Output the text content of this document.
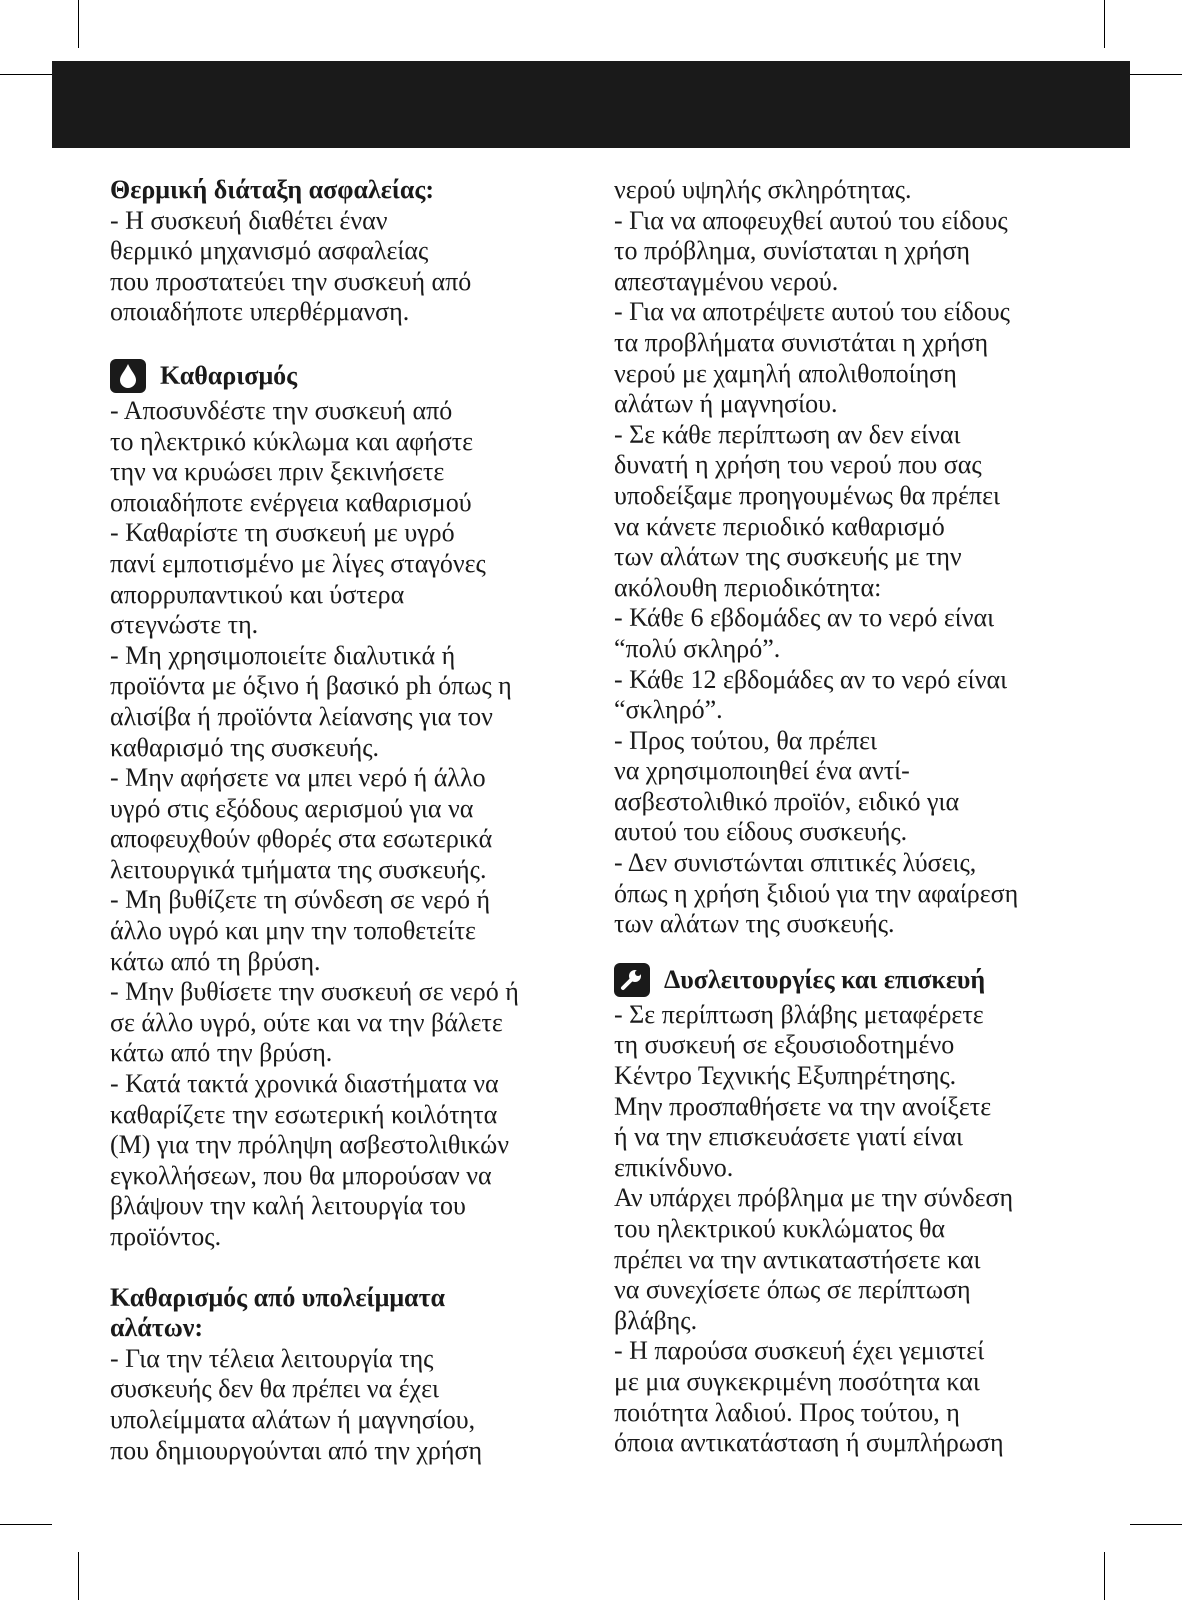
Θερμική διάταξη ασφαλείας:
- Η συσκευή διαθέτει έναν
θερμικό μηχανισμό ασφαλείας
που προστατεύει την συσκευή από
οποιαδήποτε υπερθέρμανση.
Καθαρισμός
- Αποσυνδέστε την συσκευή από
το ηλεκτρικό κύκλωμα και αφήστε
την να κρυώσει πριν ξεκινήσετε
οποιαδήποτε ενέργεια καθαρισμού
- Καθαρίστε τη συσκευή με υγρό
πανί εμποτισμένο με λίγες σταγόνες
απορρυπαντικού και ύστερα
στεγνώστε τη.
- Μη χρησιμοποιείτε διαλυτικά ή
προϊόντα με όξινο ή βασικό ph όπως η
αλισίβα ή προϊόντα λείανσης για τον
καθαρισμό της συσκευής.
- Μην αφήσετε να μπει νερό ή άλλο
υγρό στις εξόδους αερισμού για να
αποφευχθούν φθορές στα εσωτερικά
λειτουργικά τμήματα της συσκευής.
- Μη βυθίζετε τη σύνδεση σε νερό ή
άλλο υγρό και μην την τοποθετείτε
κάτω από τη βρύση.
- Μην βυθίσετε την συσκευή σε νερό ή
σε άλλο υγρό, ούτε και να την βάλετε
κάτω από την βρύση.
- Κατά τακτά χρονικά διαστήματα να
καθαρίζετε την εσωτερική κοιλότητα
(M) για την πρόληψη ασβεστολιθικών
εγκολλήσεων, που θα μπορούσαν να
βλάψουν την καλή λειτουργία του
προϊόντος.
Καθαρισμός από υπολείμματα
αλάτων:
- Για την τέλεια λειτουργία της
συσκευής δεν θα πρέπει να έχει
υπολείμματα αλάτων ή μαγνησίου,
που δημιουργούνται από την χρήση
νερού υψηλής σκληρότητας.
- Για να αποφευχθεί αυτού του είδους
το πρόβλημα, συνίσταται η χρήση
απεσταγμένου νερού.
- Για να αποτρέψετε αυτού του είδους
τα προβλήματα συνιστάται η χρήση
νερού με χαμηλή απολιθοποίηση
αλάτων ή μαγνησίου.
- Σε κάθε περίπτωση αν δεν είναι
δυνατή η χρήση του νερού που σας
υποδείξαμε προηγουμένως θα πρέπει
να κάνετε περιοδικό καθαρισμό
των αλάτων της συσκευής με την
ακόλουθη περιοδικότητα:
- Κάθε 6 εβδομάδες αν το νερό είναι
“πολύ σκληρό”.
- Κάθε 12 εβδομάδες αν το νερό είναι
“σκληρό”.
- Προς τούτου, θα πρέπει
να χρησιμοποιηθεί ένα αντί-
ασβεστολιθικό προϊόν, ειδικό για
αυτού του είδους συσκευής.
- Δεν συνιστώνται σπιτικές λύσεις,
όπως η χρήση ξιδιού για την αφαίρεση
των αλάτων της συσκευής.
Δυσλειτουργίες και επισκευή
- Σε περίπτωση βλάβης μεταφέρετε
τη συσκευή σε εξουσιοδοτημένο
Κέντρο Τεχνικής Εξυπηρέτησης.
Μην προσπαθήσετε να την ανοίξετε
ή να την επισκευάσετε γιατί είναι
επικίνδυνο.
Αν υπάρχει πρόβλημα με την σύνδεση
του ηλεκτρικού κυκλώματος θα
πρέπει να την αντικαταστήσετε και
να συνεχίσετε όπως σε περίπτωση
βλάβης.
- Η παρούσα συσκευή έχει γεμιστεί
με μια συγκεκριμένη ποσότητα και
ποιότητα λαδιού. Προς τούτου, η
όποια αντικατάσταση ή συμπλήρωση
